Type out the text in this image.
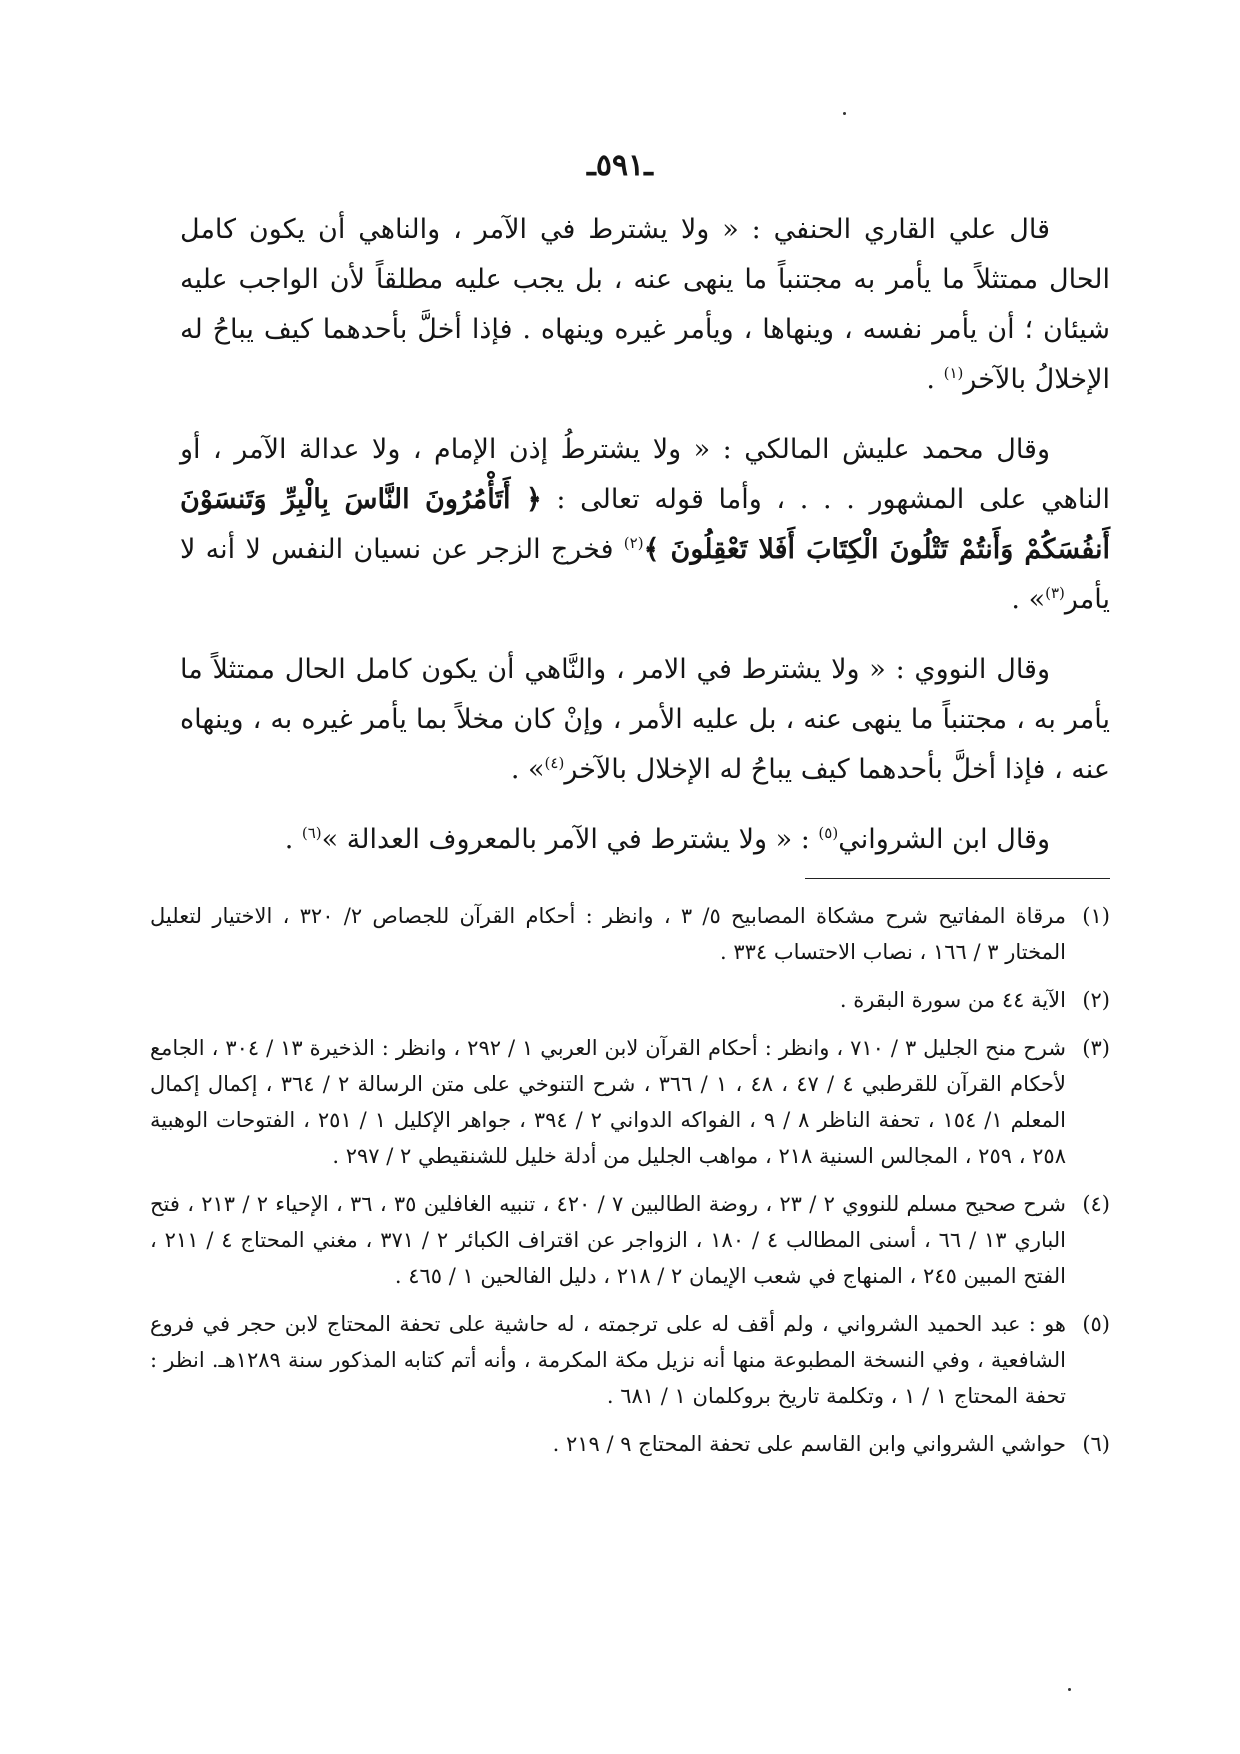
ـ٥٩١ـ

قال علي القاري الحنفي : « ولا يشترط في الآمر ، والناهي أن يكون كامل الحال ممتثلاً ما يأمر به مجتنباً ما ينهى عنه ، بل يجب عليه مطلقاً لأن الواجب عليه شيئان ؛ أن يأمر نفسه ، وينهاها ، ويأمر غيره وينهاه . فإذا أخلَّ بأحدهما كيف يباحُ له الإخلالُ بالآخر$^{(١)}$ .

وقال محمد عليش المالكي : « ولا يشترطُ إذن الإمام ، ولا عدالة الآمر ، أو الناهي على المشهور . . . ، وأما قوله تعالى : ﴿ أَتَأْمُرُونَ النَّاسَ بِالْبِرِّ وَتَنسَوْنَ أَنفُسَكُمْ وَأَنتُمْ تَتْلُونَ الْكِتَابَ أَفَلا تَعْقِلُونَ ﴾$^{(٢)}$ فخرج الزجر عن نسيان النفس لا أنه لا يأمر$^{(٣)}$» .

وقال النووي : « ولا يشترط في الامر ، والنَّاهي أن يكون كامل الحال ممتثلاً ما يأمر به ، مجتنباً ما ينهى عنه ، بل عليه الأمر ، وإنْ كان مخلاً بما يأمر غيره به ، وينهاه عنه ، فإذا أخلَّ بأحدهما كيف يباحُ له الإخلال بالآخر$^{(٤)}$» .

وقال ابن الشرواني$^{(٥)}$ : « ولا يشترط في الآمر بالمعروف العدالة »$^{(٦)}$ .

(١)مرقاة المفاتيح شرح مشكاة المصابيح ٥/ ٣ ، وانظر : أحكام القرآن للجصاص ٢/ ٣٢٠ ، الاختيار لتعليل المختار ٣ / ١٦٦ ، نصاب الاحتساب ٣٣٤ .

(٢)الآية ٤٤ من سورة البقرة .

(٣)شرح منح الجليل ٣ / ٧١٠ ، وانظر : أحكام القرآن لابن العربي ١ / ٢٩٢ ، وانظر : الذخيرة ١٣ / ٣٠٤ ، الجامع لأحكام القرآن للقرطبي ٤ / ٤٧ ، ٤٨ ، ١ / ٣٦٦ ، شرح التنوخي على متن الرسالة ٢ / ٣٦٤ ، إكمال إكمال المعلم ١/ ١٥٤ ، تحفة الناظر ٨ / ٩ ، الفواكه الدواني ٢ / ٣٩٤ ، جواهر الإكليل ١ / ٢٥١ ، الفتوحات الوهبية ٢٥٨ ، ٢٥٩ ، المجالس السنية ٢١٨ ، مواهب الجليل من أدلة خليل للشنقيطي ٢ / ٢٩٧ .

(٤)شرح صحيح مسلم للنووي ٢ / ٢٣ ، روضة الطالبين ٧ / ٤٢٠ ، تنبيه الغافلين ٣٥ ، ٣٦ ، الإحياء ٢ / ٢١٣ ، فتح الباري ١٣ / ٦٦ ، أسنى المطالب ٤ / ١٨٠ ، الزواجر عن اقتراف الكبائر ٢ / ٣٧١ ، مغني المحتاج ٤ / ٢١١ ، الفتح المبين ٢٤٥ ، المنهاج في شعب الإيمان ٢ / ٢١٨ ، دليل الفالحين ١ / ٤٦٥ .

(٥)هو : عبد الحميد الشرواني ، ولم أقف له على ترجمته ، له حاشية على تحفة المحتاج لابن حجر في فروع الشافعية ، وفي النسخة المطبوعة منها أنه نزيل مكة المكرمة ، وأنه أتم كتابه المذكور سنة ١٢٨٩هـ. انظر : تحفة المحتاج ١ / ١ ، وتكلمة تاريخ بروكلمان ١ / ٦٨١ .

(٦)حواشي الشرواني وابن القاسم على تحفة المحتاج ٩ / ٢١٩ .
